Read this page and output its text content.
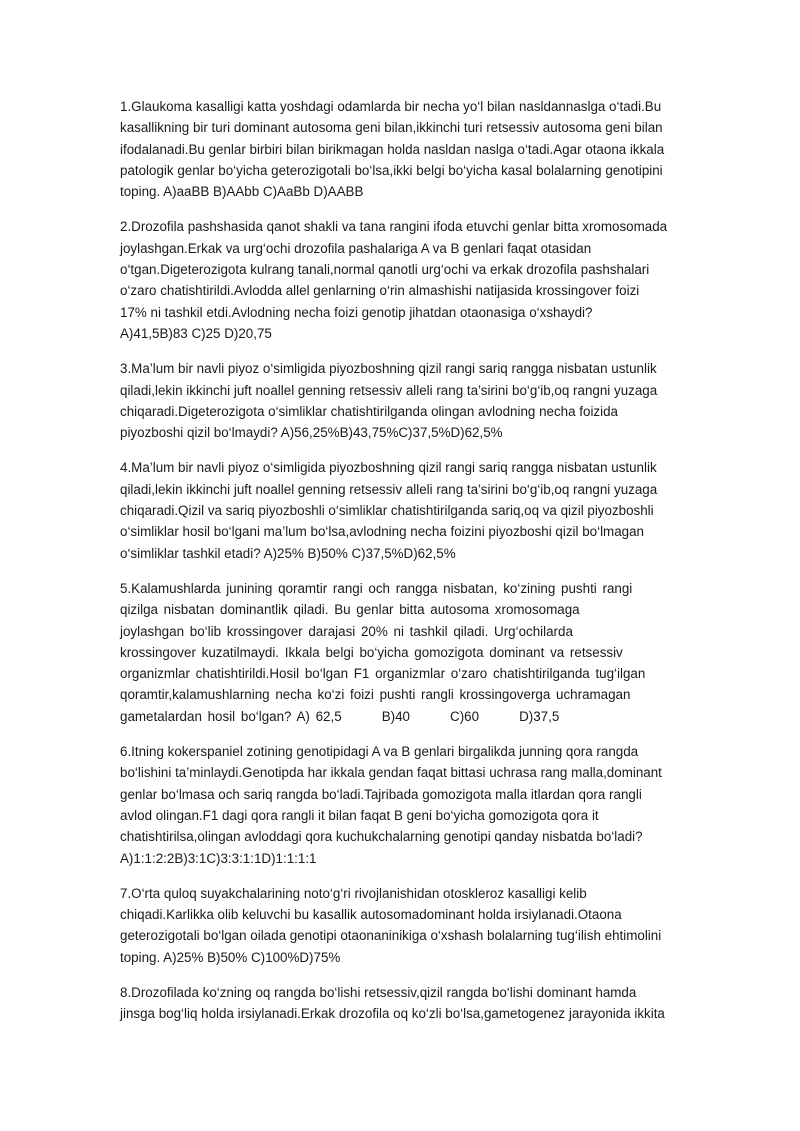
1.Glaukoma kasalligi katta yoshdagi odamlarda bir necha yo‘l bilan nasldannaslga o‘tadi.Bu
kasallikning bir turi dominant autosoma geni bilan,ikkinchi turi retsessiv autosoma geni bilan
ifodalanadi.Bu genlar birbiri bilan birikmagan holda nasldan naslga o‘tadi.Agar otaona ikkala
patologik genlar bo‘yicha geterozigotali bo‘lsa,ikki belgi bo‘yicha kasal bolalarning genotipini
toping. A)aaBB B)AAbb C)AaBb D)AABB
2.Drozofila pashshasida qanot shakli va tana rangini ifoda etuvchi genlar bitta xromosomada
joylashgan.Erkak va urg‘ochi drozofila pashalariga A va B genlari faqat otasidan
o‘tgan.Digeterozigota kulrang tanali,normal qanotli urg‘ochi va erkak drozofila pashshalari
o‘zaro chatishtirildi.Avlodda allel genlarning o‘rin almashishi natijasida krossingover foizi
17% ni tashkil etdi.Avlodning necha foizi genotip jihatdan otaonasiga o‘xshaydi?
A)41,5B)83 C)25 D)20,75
3.Ma’lum bir navli piyoz o‘simligida piyozboshning qizil rangi sariq rangga nisbatan ustunlik
qiladi,lekin ikkinchi juft noallel genning retsessiv alleli rang ta’sirini bo‘g‘ib,oq rangni yuzaga
chiqaradi.Digeterozigota o‘simliklar chatishtirilganda olingan avlodning necha foizida
piyozboshi qizil bo‘lmaydi? A)56,25%B)43,75%C)37,5%D)62,5%
4.Ma’lum bir navli piyoz o‘simligida piyozboshning qizil rangi sariq rangga nisbatan ustunlik
qiladi,lekin ikkinchi juft noallel genning retsessiv alleli rang ta’sirini bo‘g‘ib,oq rangni yuzaga
chiqaradi.Qizil va sariq piyozboshli o‘simliklar chatishtirilganda sariq,oq va qizil piyozboshli
o‘simliklar hosil bo‘lgani ma’lum bo‘lsa,avlodning necha foizini piyozboshi qizil bo‘lmagan
o‘simliklar tashkil etadi? A)25% B)50% C)37,5%D)62,5%
5.Kalamushlarda junining qoramtir rangi och rangga nisbatan, ko‘zining pushti rangi
qizilga nisbatan dominantlik qiladi. Bu genlar bitta autosoma xromosomaga
joylashgan bo‘lib krossingover darajasi 20% ni tashkil qiladi. Urg‘ochilarda
krossingover kuzatilmaydi. Ikkala belgi bo‘yicha gomozigota dominant va retsessiv
organizmlar chatishtirildi.Hosil bo‘lgan F1 organizmlar o‘zaro chatishtirilganda tug‘ilgan
qoramtir,kalamushlarning necha ko‘zi foizi pushti rangli krossingoverga uchramagan
gametalardan hosil bo‘lgan? A) 62,5       B)40       C)60       D)37,5
6.Itning kokerspaniel zotining genotipidagi A va B genlari birgalikda junning qora rangda
bo‘lishini ta’minlaydi.Genotipda har ikkala gendan faqat bittasi uchrasa rang malla,dominant
genlar bo‘lmasa och sariq rangda bo‘ladi.Tajribada gomozigota malla itlardan qora rangli
avlod olingan.F1 dagi qora rangli it bilan faqat B geni bo‘yicha gomozigota qora it
chatishtirilsa,olingan avloddagi qora kuchukchalarning genotipi qanday nisbatda bo‘ladi?
A)1:1:2:2B)3:1C)3:3:1:1D)1:1:1:1
7.O‘rta quloq suyakchalarining noto‘g‘ri rivojlanishidan otoskleroz kasalligi kelib
chiqadi.Karlikka olib keluvchi bu kasallik autosomadominant holda irsiylanadi.Otaona
geterozigotali bo‘lgan oilada genotipi otaonaninikiga o‘xshash bolalarning tug‘ilish ehtimolini
toping. A)25% B)50% C)100%D)75%
8.Drozofilada ko‘zning oq rangda bo‘lishi retsessiv,qizil rangda bo‘lishi dominant hamda
jinsga bog‘liq holda irsiylanadi.Erkak drozofila oq ko‘zli bo‘lsa,gametogenez jarayonida ikkita
